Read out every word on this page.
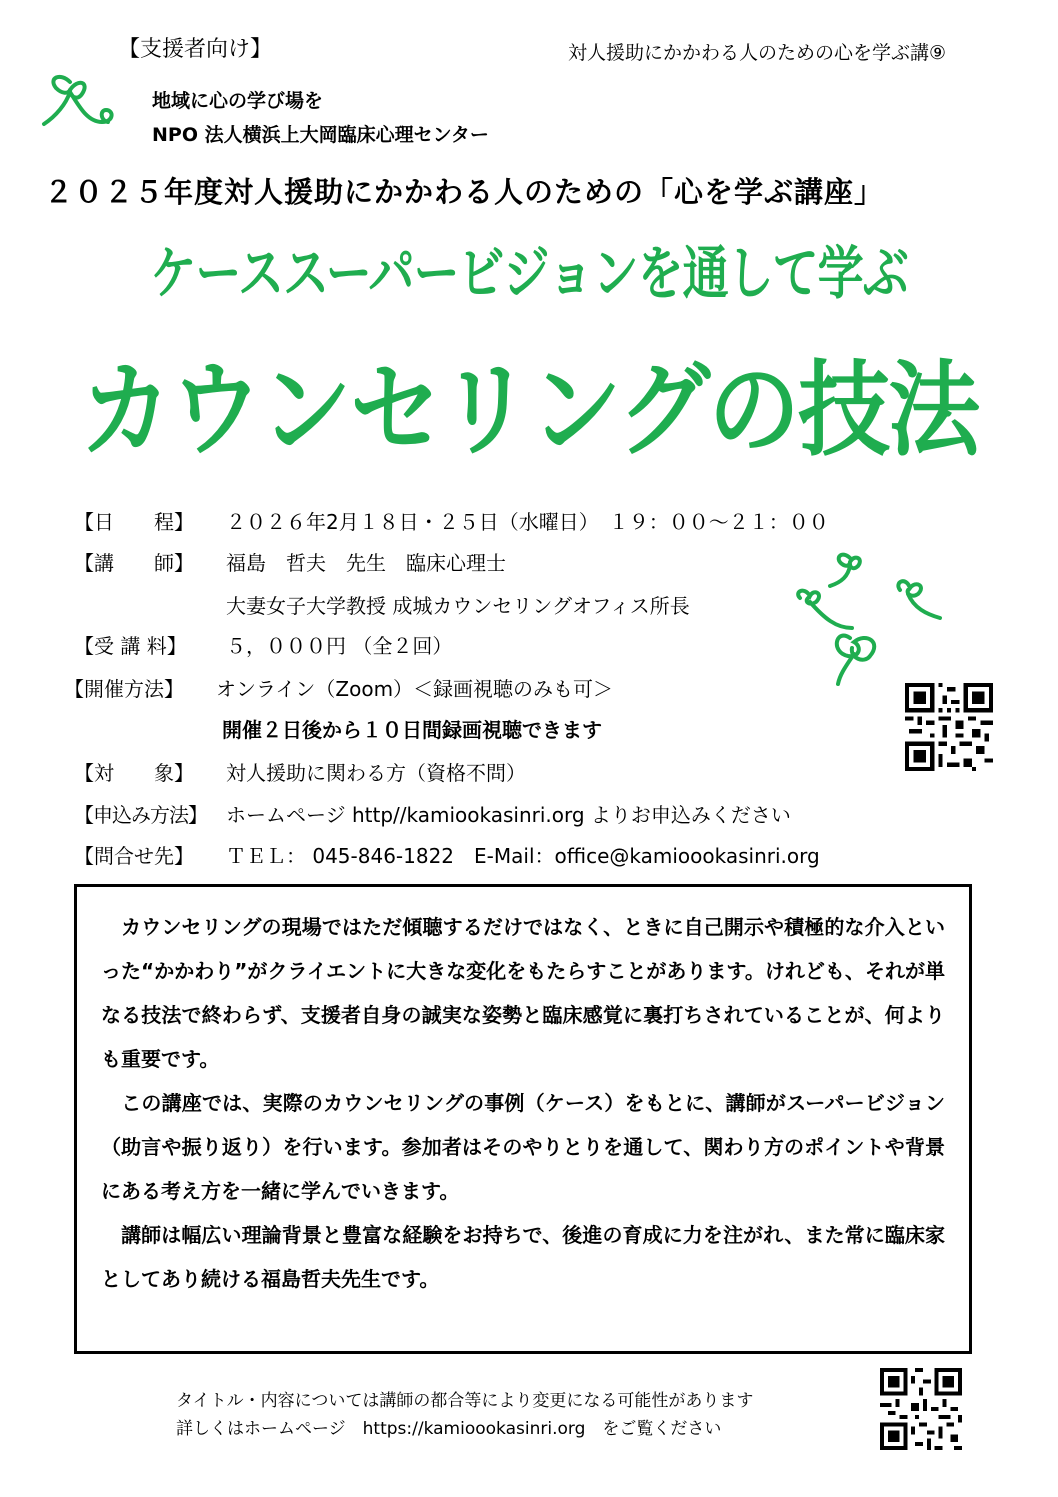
【支援者向け】	対人援助にかかわる人のための心を学ぶ講⑨
地域に心の学び場を
NPO 法人横浜上大岡臨床心理センター
２０２５年度対人援助にかかわる人のための「心を学ぶ講座」
ケーススーパービジョンを通して学ぶ
カウンセリングの技法
【日　　程】 ２０２６年2月１８日・２５日（水曜日）　１９：００～２１：００
【講　　師】 福島　哲夫　先生　臨床心理士
大妻女子大学教授 成城カウンセリングオフィス所長
【受 講 料】 ５，０００円 （全２回）
【開催方法】 オンライン（Zoom）＜録画視聴のみも可＞
開催２日後から１０日間録画視聴できます
【対　　象】 対人援助に関わる方（資格不問）
【申込み方法】 ホームページ http//kamiookasinri.org よりお申込みください
【問合せ先】 ＴＥＬ： 045-846-1822　E-Mail：office@kamioookasinri.org

　カウンセリングの現場ではただ傾聴するだけではなく、ときに自己開示や積極的な介入といった“かかわり”がクライエントに大きな変化をもたらすことがあります。けれども、それが単なる技法で終わらず、支援者自身の誠実な姿勢と臨床感覚に裏打ちされていることが、何よりも重要です。

　この講座では、実際のカウンセリングの事例（ケース）をもとに、講師がスーパービジョン（助言や振り返り）を行います。参加者はそのやりとりを通して、関わり方のポイントや背景にある考え方を一緒に学んでいきます。

　講師は幅広い理論背景と豊富な経験をお持ちで、後進の育成に力を注がれ、また常に臨床家としてあり続ける福島哲夫先生です。

タイトル・内容については講師の都合等により変更になる可能性があります
詳しくはホームページ　https://kamioookasinri.org　をご覧ください
